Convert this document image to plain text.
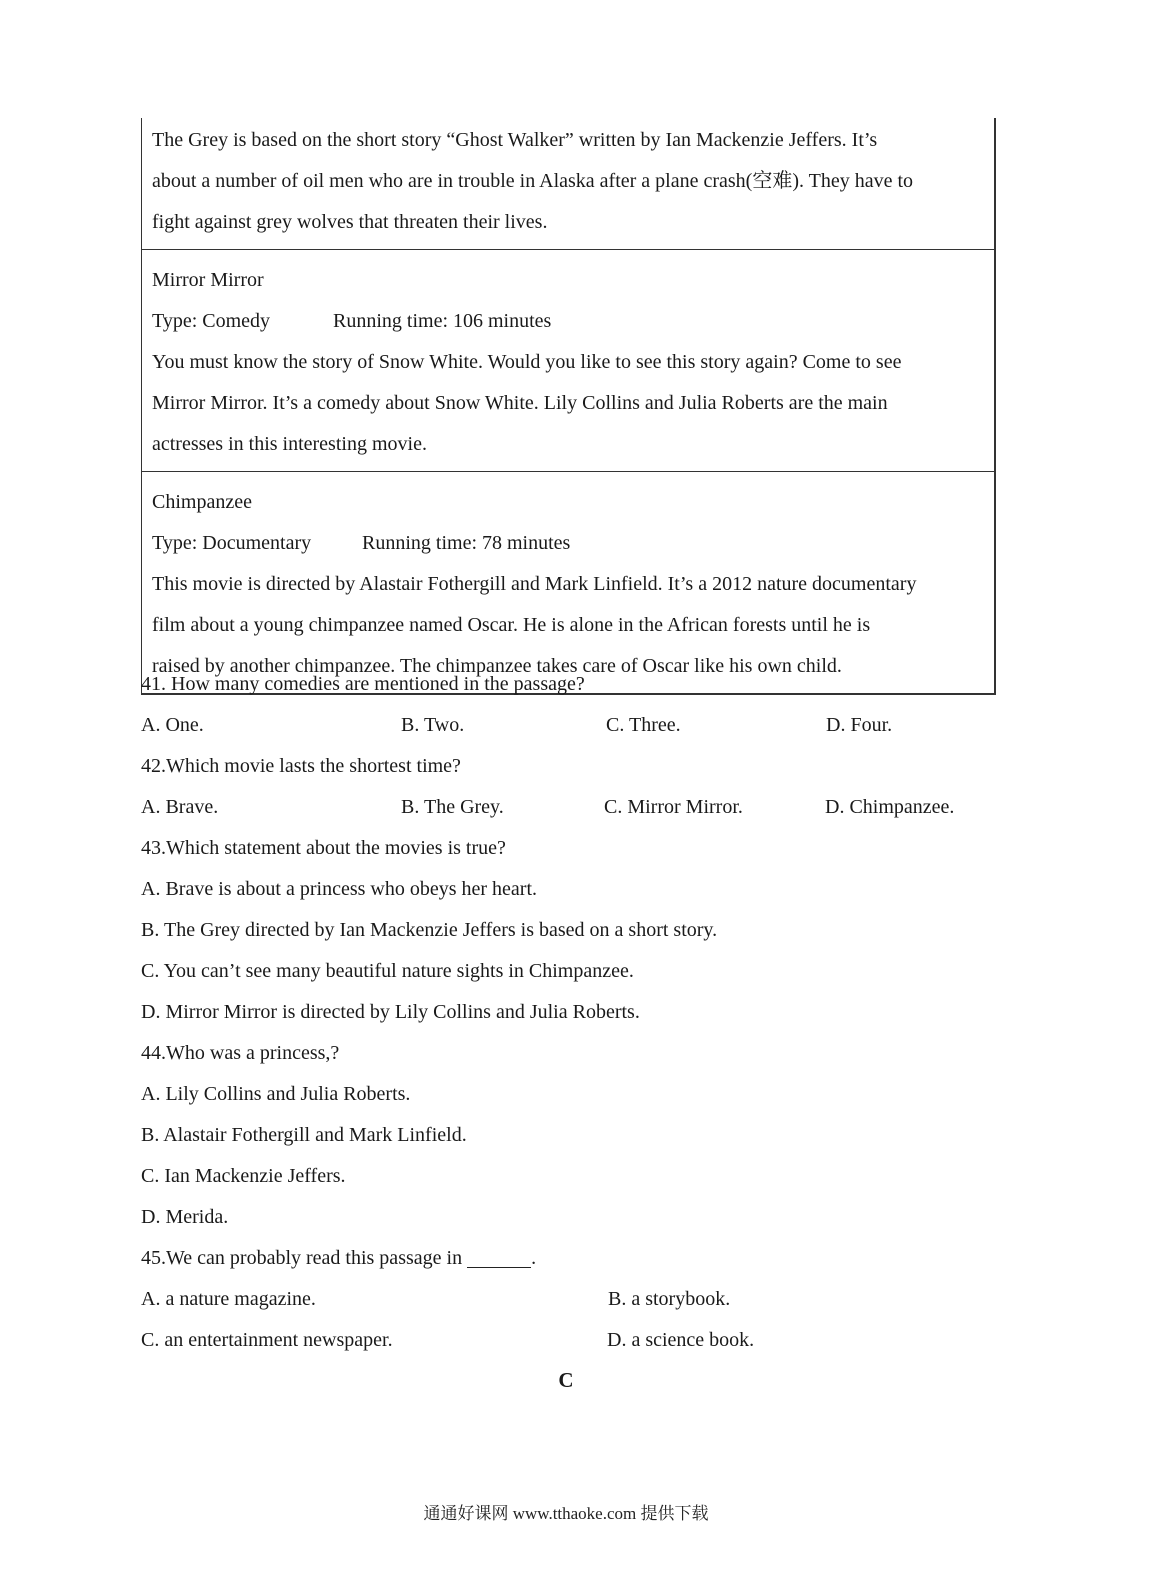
The Grey is based on the short story “Ghost Walker” written by Ian Mackenzie Jeffers. It’s
about a number of oil men who are in trouble in Alaska after a plane crash(空难). They have to
fight against grey wolves that threaten their lives.
Mirror Mirror
Type: Comedy	Running time: 106 minutes
You must know the story of Snow White. Would you like to see this story again? Come to see
Mirror Mirror. It’s a comedy about Snow White. Lily Collins and Julia Roberts are the main
actresses in this interesting movie.
Chimpanzee
Type: Documentary	Running time: 78 minutes
This movie is directed by Alastair Fothergill and Mark Linfield. It’s a 2012 nature documentary
film about a young chimpanzee named Oscar. He is alone in the African forests until he is
raised by another chimpanzee. The chimpanzee takes care of Oscar like his own child.
41. How many comedies are mentioned in the passage?
A. One.	B. Two.	C. Three.	D. Four.
42.Which movie lasts the shortest time?
A. Brave.	B. The Grey.	C. Mirror Mirror.	D. Chimpanzee.
43.Which statement about the movies is true?
A. Brave is about a princess who obeys her heart.
B. The Grey directed by Ian Mackenzie Jeffers is based on a short story.
C. You can’t see many beautiful nature sights in Chimpanzee.
D. Mirror Mirror is directed by Lily Collins and Julia Roberts.
44.Who was a princess,?
A. Lily Collins and Julia Roberts.
B. Alastair Fothergill and Mark Linfield.
C. Ian Mackenzie Jeffers.
D. Merida.
45.We can probably read this passage in	.
A. a nature magazine.	B. a storybook.
C. an entertainment newspaper.	D. a science book.
C
通通好课网 www.tthaoke.com 提供下载
